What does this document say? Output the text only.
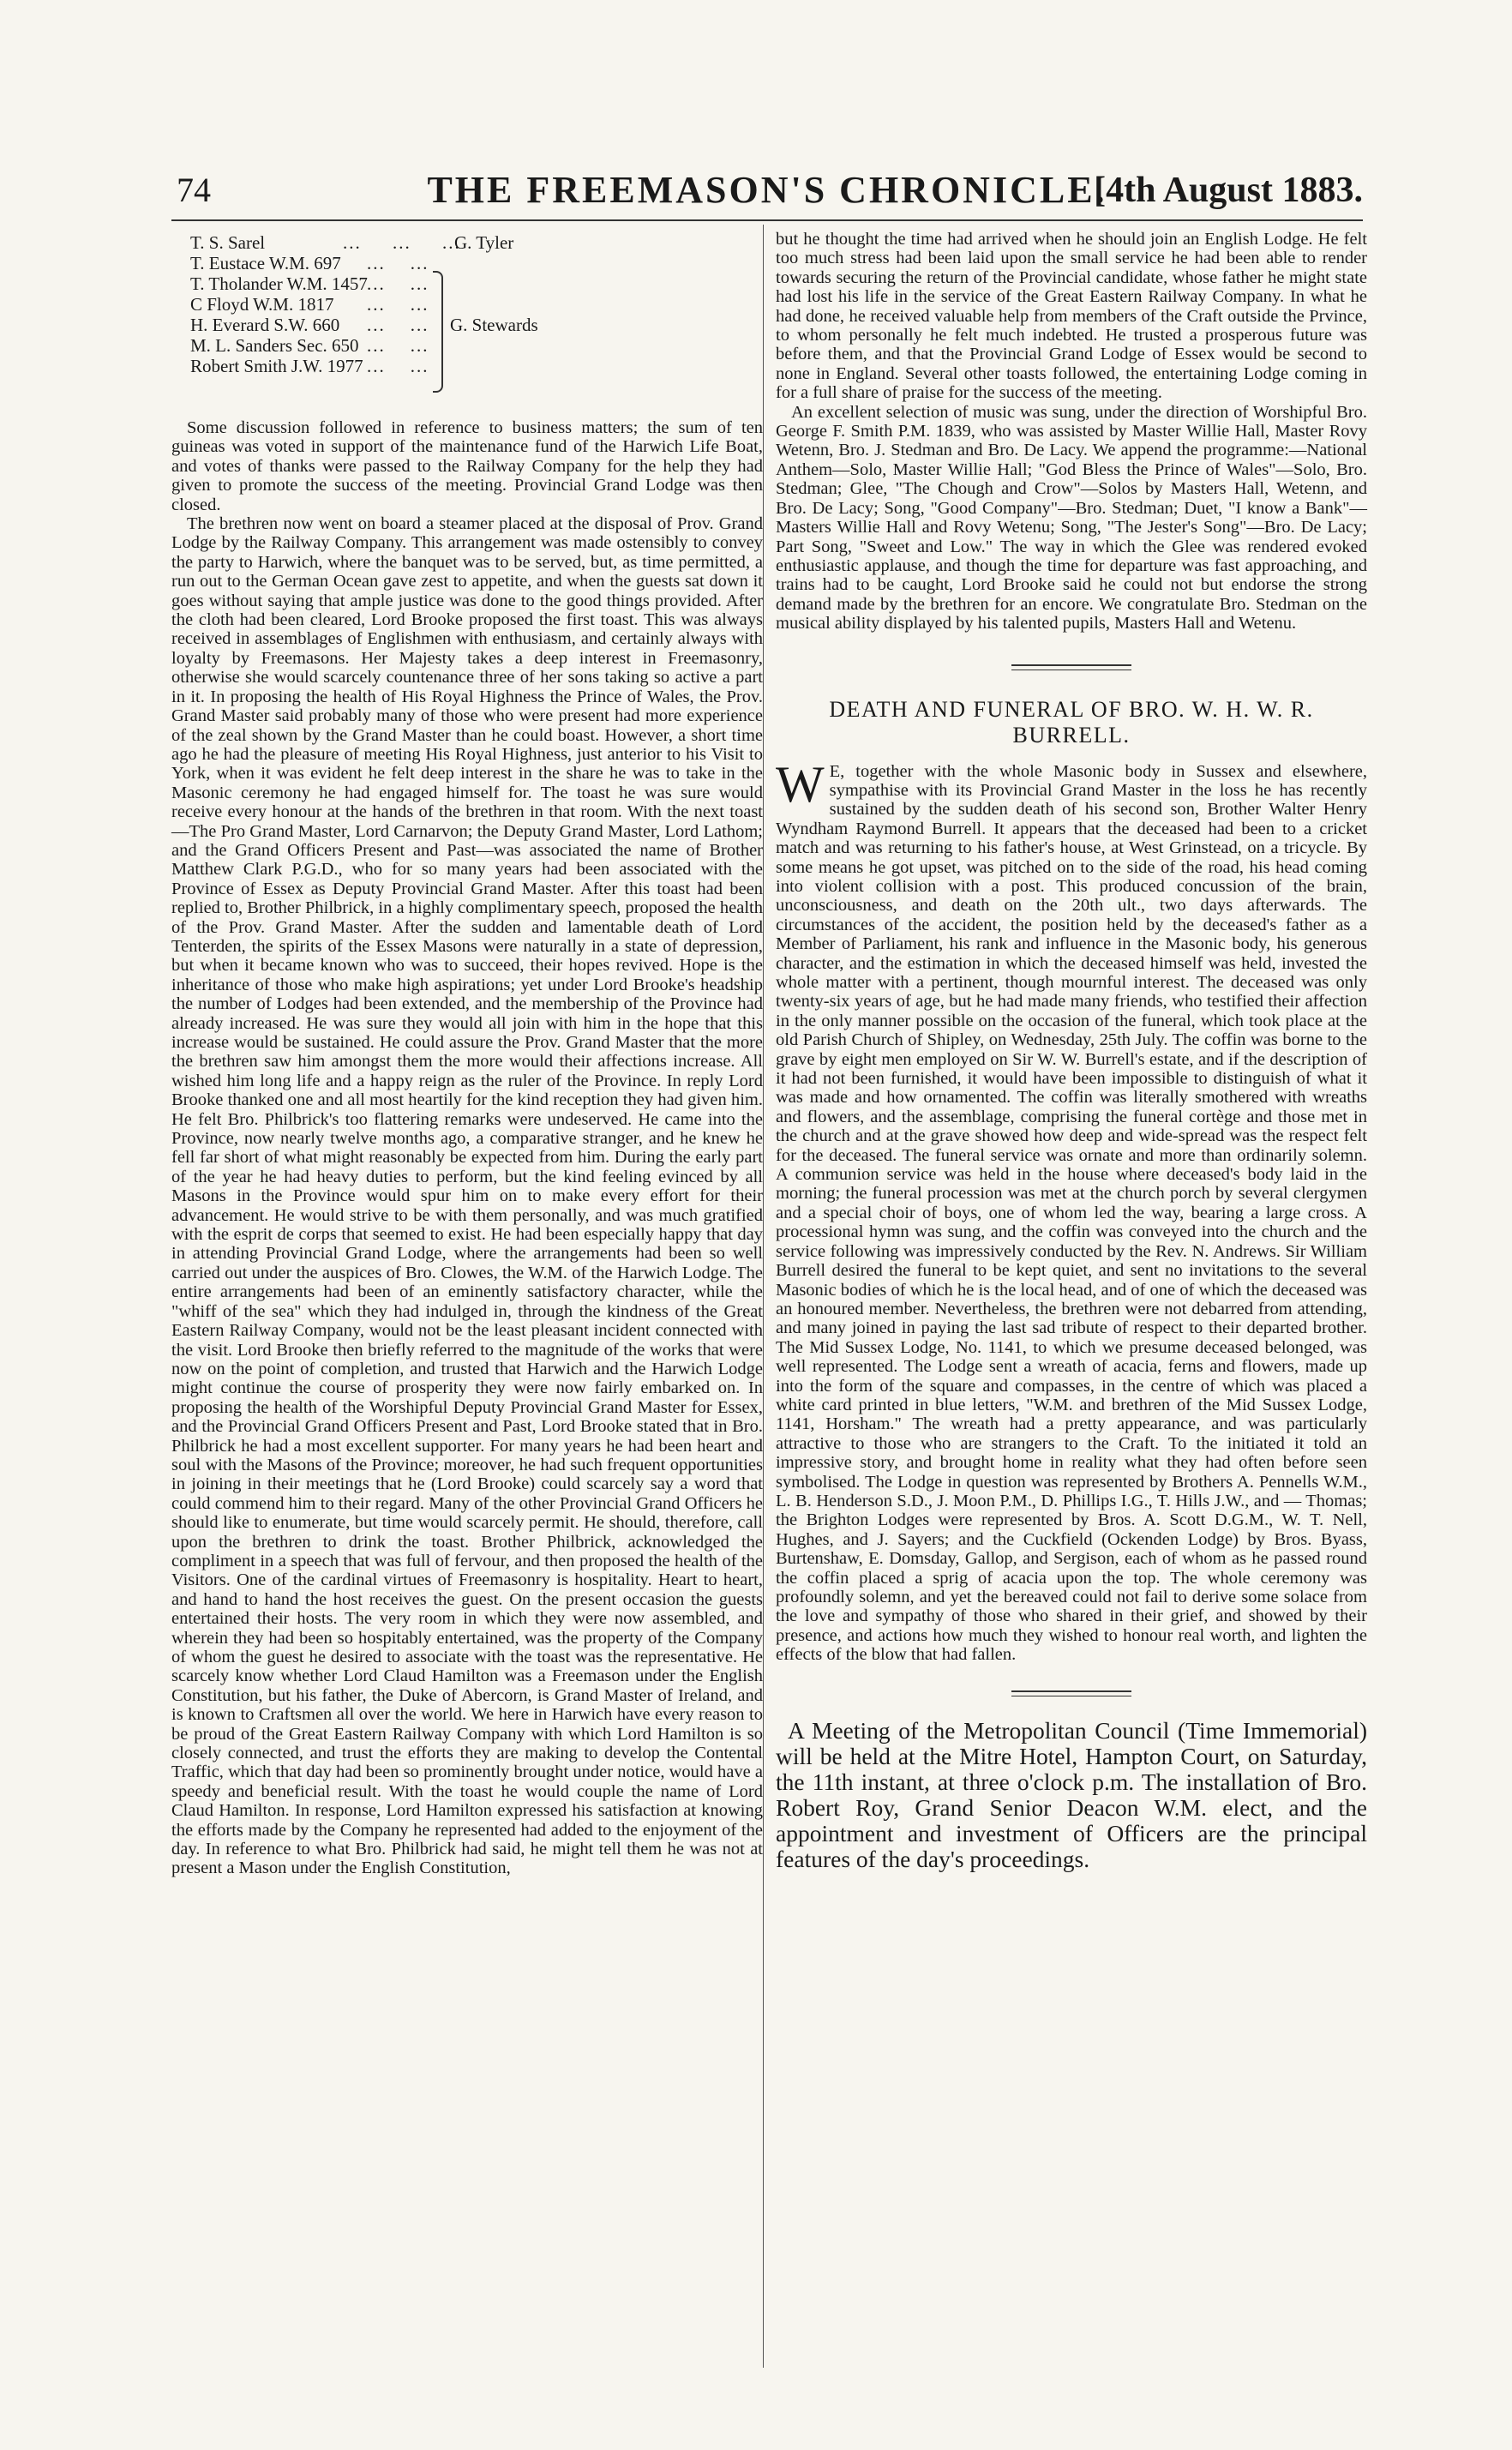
74	THE FREEMASON'S CHRONICLE.
[4th August 1883.
T. S. Sarel	...     ...     ...
G. Tyler
T. Eustace W.M. 697 ...    ...
T. Tholander W.M. 1457 ...    ...
C Floyd W.M. 1817 ...    ...
G. Stewards
H. Everard S.W. 660 ...    ...
M. L. Sanders Sec. 650 ...    ...
Robert Smith J.W. 1977 ...    ...

Some discussion followed in reference to business matters; the sum of ten guineas was voted in support of the maintenance fund of the Harwich Life Boat, and votes of thanks were passed to the Railway Company for the help they had given to promote the success of the meeting. Provincial Grand Lodge was then closed.

The brethren now went on board a steamer placed at the disposal of Prov. Grand Lodge by the Railway Company. This arrangement was made ostensibly to convey the party to Harwich, where the banquet was to be served, but, as time permitted, a run out to the German Ocean gave zest to appetite, and when the guests sat down it goes without saying that ample justice was done to the good things provided. After the cloth had been cleared, Lord Brooke proposed the first toast. This was always received in assemblages of Englishmen with enthusiasm, and certainly always with loyalty by Freemasons. Her Majesty takes a deep interest in Freemasonry, otherwise she would scarcely countenance three of her sons taking so active a part in it. In proposing the health of His Royal Highness the Prince of Wales, the Prov. Grand Master said probably many of those who were present had more experience of the zeal shown by the Grand Master than he could boast. However, a short time ago he had the pleasure of meeting His Royal Highness, just anterior to his Visit to York, when it was evident he felt deep interest in the share he was to take in the Masonic ceremony he had engaged himself for. The toast he was sure would receive every honour at the hands of the brethren in that room. With the next toast—The Pro Grand Master, Lord Carnarvon; the Deputy Grand Master, Lord Lathom; and the Grand Officers Present and Past—was associated the name of Brother Matthew Clark P.G.D., who for so many years had been associated with the Province of Essex as Deputy Provincial Grand Master. After this toast had been replied to, Brother Philbrick, in a highly complimentary speech, proposed the health of the Prov. Grand Master. After the sudden and lamentable death of Lord Tenterden, the spirits of the Essex Masons were naturally in a state of depression, but when it became known who was to succeed, their hopes revived. Hope is the inheritance of those who make high aspirations; yet under Lord Brooke's headship the number of Lodges had been extended, and the membership of the Province had already increased. He was sure they would all join with him in the hope that this increase would be sustained. He could assure the Prov. Grand Master that the more the brethren saw him amongst them the more would their affections increase. All wished him long life and a happy reign as the ruler of the Province. In reply Lord Brooke thanked one and all most heartily for the kind reception they had given him. He felt Bro. Philbrick's too flattering remarks were undeserved. He came into the Province, now nearly twelve months ago, a comparative stranger, and he knew he fell far short of what might reasonably be expected from him. During the early part of the year he had heavy duties to perform, but the kind feeling evinced by all Masons in the Province would spur him on to make every effort for their advancement. He would strive to be with them personally, and was much gratified with the esprit de corps that seemed to exist. He had been especially happy that day in attending Provincial Grand Lodge, where the arrangements had been so well carried out under the auspices of Bro. Clowes, the W.M. of the Harwich Lodge. The entire arrangements had been of an eminently satisfactory character, while the "whiff of the sea" which they had indulged in, through the kindness of the Great Eastern Railway Company, would not be the least pleasant incident connected with the visit. Lord Brooke then briefly referred to the magnitude of the works that were now on the point of completion, and trusted that Harwich and the Harwich Lodge might continue the course of prosperity they were now fairly embarked on. In proposing the health of the Worshipful Deputy Provincial Grand Master for Essex, and the Provincial Grand Officers Present and Past, Lord Brooke stated that in Bro. Philbrick he had a most excellent supporter. For many years he had been heart and soul with the Masons of the Province; moreover, he had such frequent opportunities in joining in their meetings that he (Lord Brooke) could scarcely say a word that could commend him to their regard. Many of the other Provincial Grand Officers he should like to enumerate, but time would scarcely permit. He should, therefore, call upon the brethren to drink the toast. Brother Philbrick, acknowledged the compliment in a speech that was full of fervour, and then proposed the health of the Visitors. One of the cardinal virtues of Freemasonry is hospitality. Heart to heart, and hand to hand the host receives the guest. On the present occasion the guests entertained their hosts. The very room in which they were now assembled, and wherein they had been so hospitably entertained, was the property of the Company of whom the guest he desired to associate with the toast was the representative. He scarcely know whether Lord Claud Hamilton was a Freemason under the English Constitution, but his father, the Duke of Abercorn, is Grand Master of Ireland, and is known to Craftsmen all over the world. We here in Harwich have every reason to be proud of the Great Eastern Railway Company with which Lord Hamilton is so closely connected, and trust the efforts they are making to develop the Contental Traffic, which that day had been so prominently brought under notice, would have a speedy and beneficial result. With the toast he would couple the name of Lord Claud Hamilton. In response, Lord Hamilton expressed his satisfaction at knowing the efforts made by the Company he represented had added to the enjoyment of the day. In reference to what Bro. Philbrick had said, he might tell them he was not at present a Mason under the English Constitution,

but he thought the time had arrived when he should join an English Lodge. He felt too much stress had been laid upon the small service he had been able to render towards securing the return of the Provincial candidate, whose father he might state had lost his life in the service of the Great Eastern Railway Company. In what he had done, he received valuable help from members of the Craft outside the Prvince, to whom personally he felt much indebted. He trusted a prosperous future was before them, and that the Provincial Grand Lodge of Essex would be second to none in England. Several other toasts followed, the entertaining Lodge coming in for a full share of praise for the success of the meeting.

An excellent selection of music was sung, under the direction of Worshipful Bro. George F. Smith P.M. 1839, who was assisted by Master Willie Hall, Master Rovy Wetenn, Bro. J. Stedman and Bro. De Lacy. We append the programme:—National Anthem—Solo, Master Willie Hall; "God Bless the Prince of Wales"—Solo, Bro. Stedman; Glee, "The Chough and Crow"—Solos by Masters Hall, Wetenn, and Bro. De Lacy; Song, "Good Company"—Bro. Stedman; Duet, "I know a Bank"—Masters Willie Hall and Rovy Wetenu; Song, "The Jester's Song"—Bro. De Lacy; Part Song, "Sweet and Low." The way in which the Glee was rendered evoked enthusiastic applause, and though the time for departure was fast approaching, and trains had to be caught, Lord Brooke said he could not but endorse the strong demand made by the brethren for an encore. We congratulate Bro. Stedman on the musical ability displayed by his talented pupils, Masters Hall and Wetenu.

DEATH AND FUNERAL OF BRO. W. H. W. R. BURRELL.

W E, together with the whole Masonic body in Sussex and elsewhere, sympathise with its Provincial Grand Master in the loss he has recently sustained by the sudden death of his second son, Brother Walter Henry Wyndham Raymond Burrell. It appears that the deceased had been to a cricket match and was returning to his father's house, at West Grinstead, on a tricycle. By some means he got upset, was pitched on to the side of the road, his head coming into violent collision with a post. This produced concussion of the brain, unconsciousness, and death on the 20th ult., two days afterwards. The circumstances of the accident, the position held by the deceased's father as a Member of Parliament, his rank and influence in the Masonic body, his generous character, and the estimation in which the deceased himself was held, invested the whole matter with a pertinent, though mournful interest. The deceased was only twenty-six years of age, but he had made many friends, who testified their affection in the only manner possible on the occasion of the funeral, which took place at the old Parish Church of Shipley, on Wednesday, 25th July. The coffin was borne to the grave by eight men employed on Sir W. W. Burrell's estate, and if the description of it had not been furnished, it would have been impossible to distinguish of what it was made and how ornamented. The coffin was literally smothered with wreaths and flowers, and the assemblage, comprising the funeral cortège and those met in the church and at the grave showed how deep and wide-spread was the respect felt for the deceased. The funeral service was ornate and more than ordinarily solemn. A communion service was held in the house where deceased's body laid in the morning; the funeral procession was met at the church porch by several clergymen and a special choir of boys, one of whom led the way, bearing a large cross. A processional hymn was sung, and the coffin was conveyed into the church and the service following was impressively conducted by the Rev. N. Andrews. Sir William Burrell desired the funeral to be kept quiet, and sent no invitations to the several Masonic bodies of which he is the local head, and of one of which the deceased was an honoured member. Nevertheless, the brethren were not debarred from attending, and many joined in paying the last sad tribute of respect to their departed brother. The Mid Sussex Lodge, No. 1141, to which we presume deceased belonged, was well represented. The Lodge sent a wreath of acacia, ferns and flowers, made up into the form of the square and compasses, in the centre of which was placed a white card printed in blue letters, "W.M. and brethren of the Mid Sussex Lodge, 1141, Horsham." The wreath had a pretty appearance, and was particularly attractive to those who are strangers to the Craft. To the initiated it told an impressive story, and brought home in reality what they had often before seen symbolised. The Lodge in question was represented by Brothers A. Pennells W.M., L. B. Henderson S.D., J. Moon P.M., D. Phillips I.G., T. Hills J.W., and — Thomas; the Brighton Lodges were represented by Bros. A. Scott D.G.M., W. T. Nell, Hughes, and J. Sayers; and the Cuckfield (Ockenden Lodge) by Bros. Byass, Burtenshaw, E. Domsday, Gallop, and Sergison, each of whom as he passed round the coffin placed a sprig of acacia upon the top. The whole ceremony was profoundly solemn, and yet the bereaved could not fail to derive some solace from the love and sympathy of those who shared in their grief, and showed by their presence, and actions how much they wished to honour real worth, and lighten the effects of the blow that had fallen.

A Meeting of the Metropolitan Council (Time Immemorial) will be held at the Mitre Hotel, Hampton Court, on Saturday, the 11th instant, at three o'clock p.m. The installation of Bro. Robert Roy, Grand Senior Deacon W.M. elect, and the appointment and investment of Officers are the principal features of the day's proceedings.
